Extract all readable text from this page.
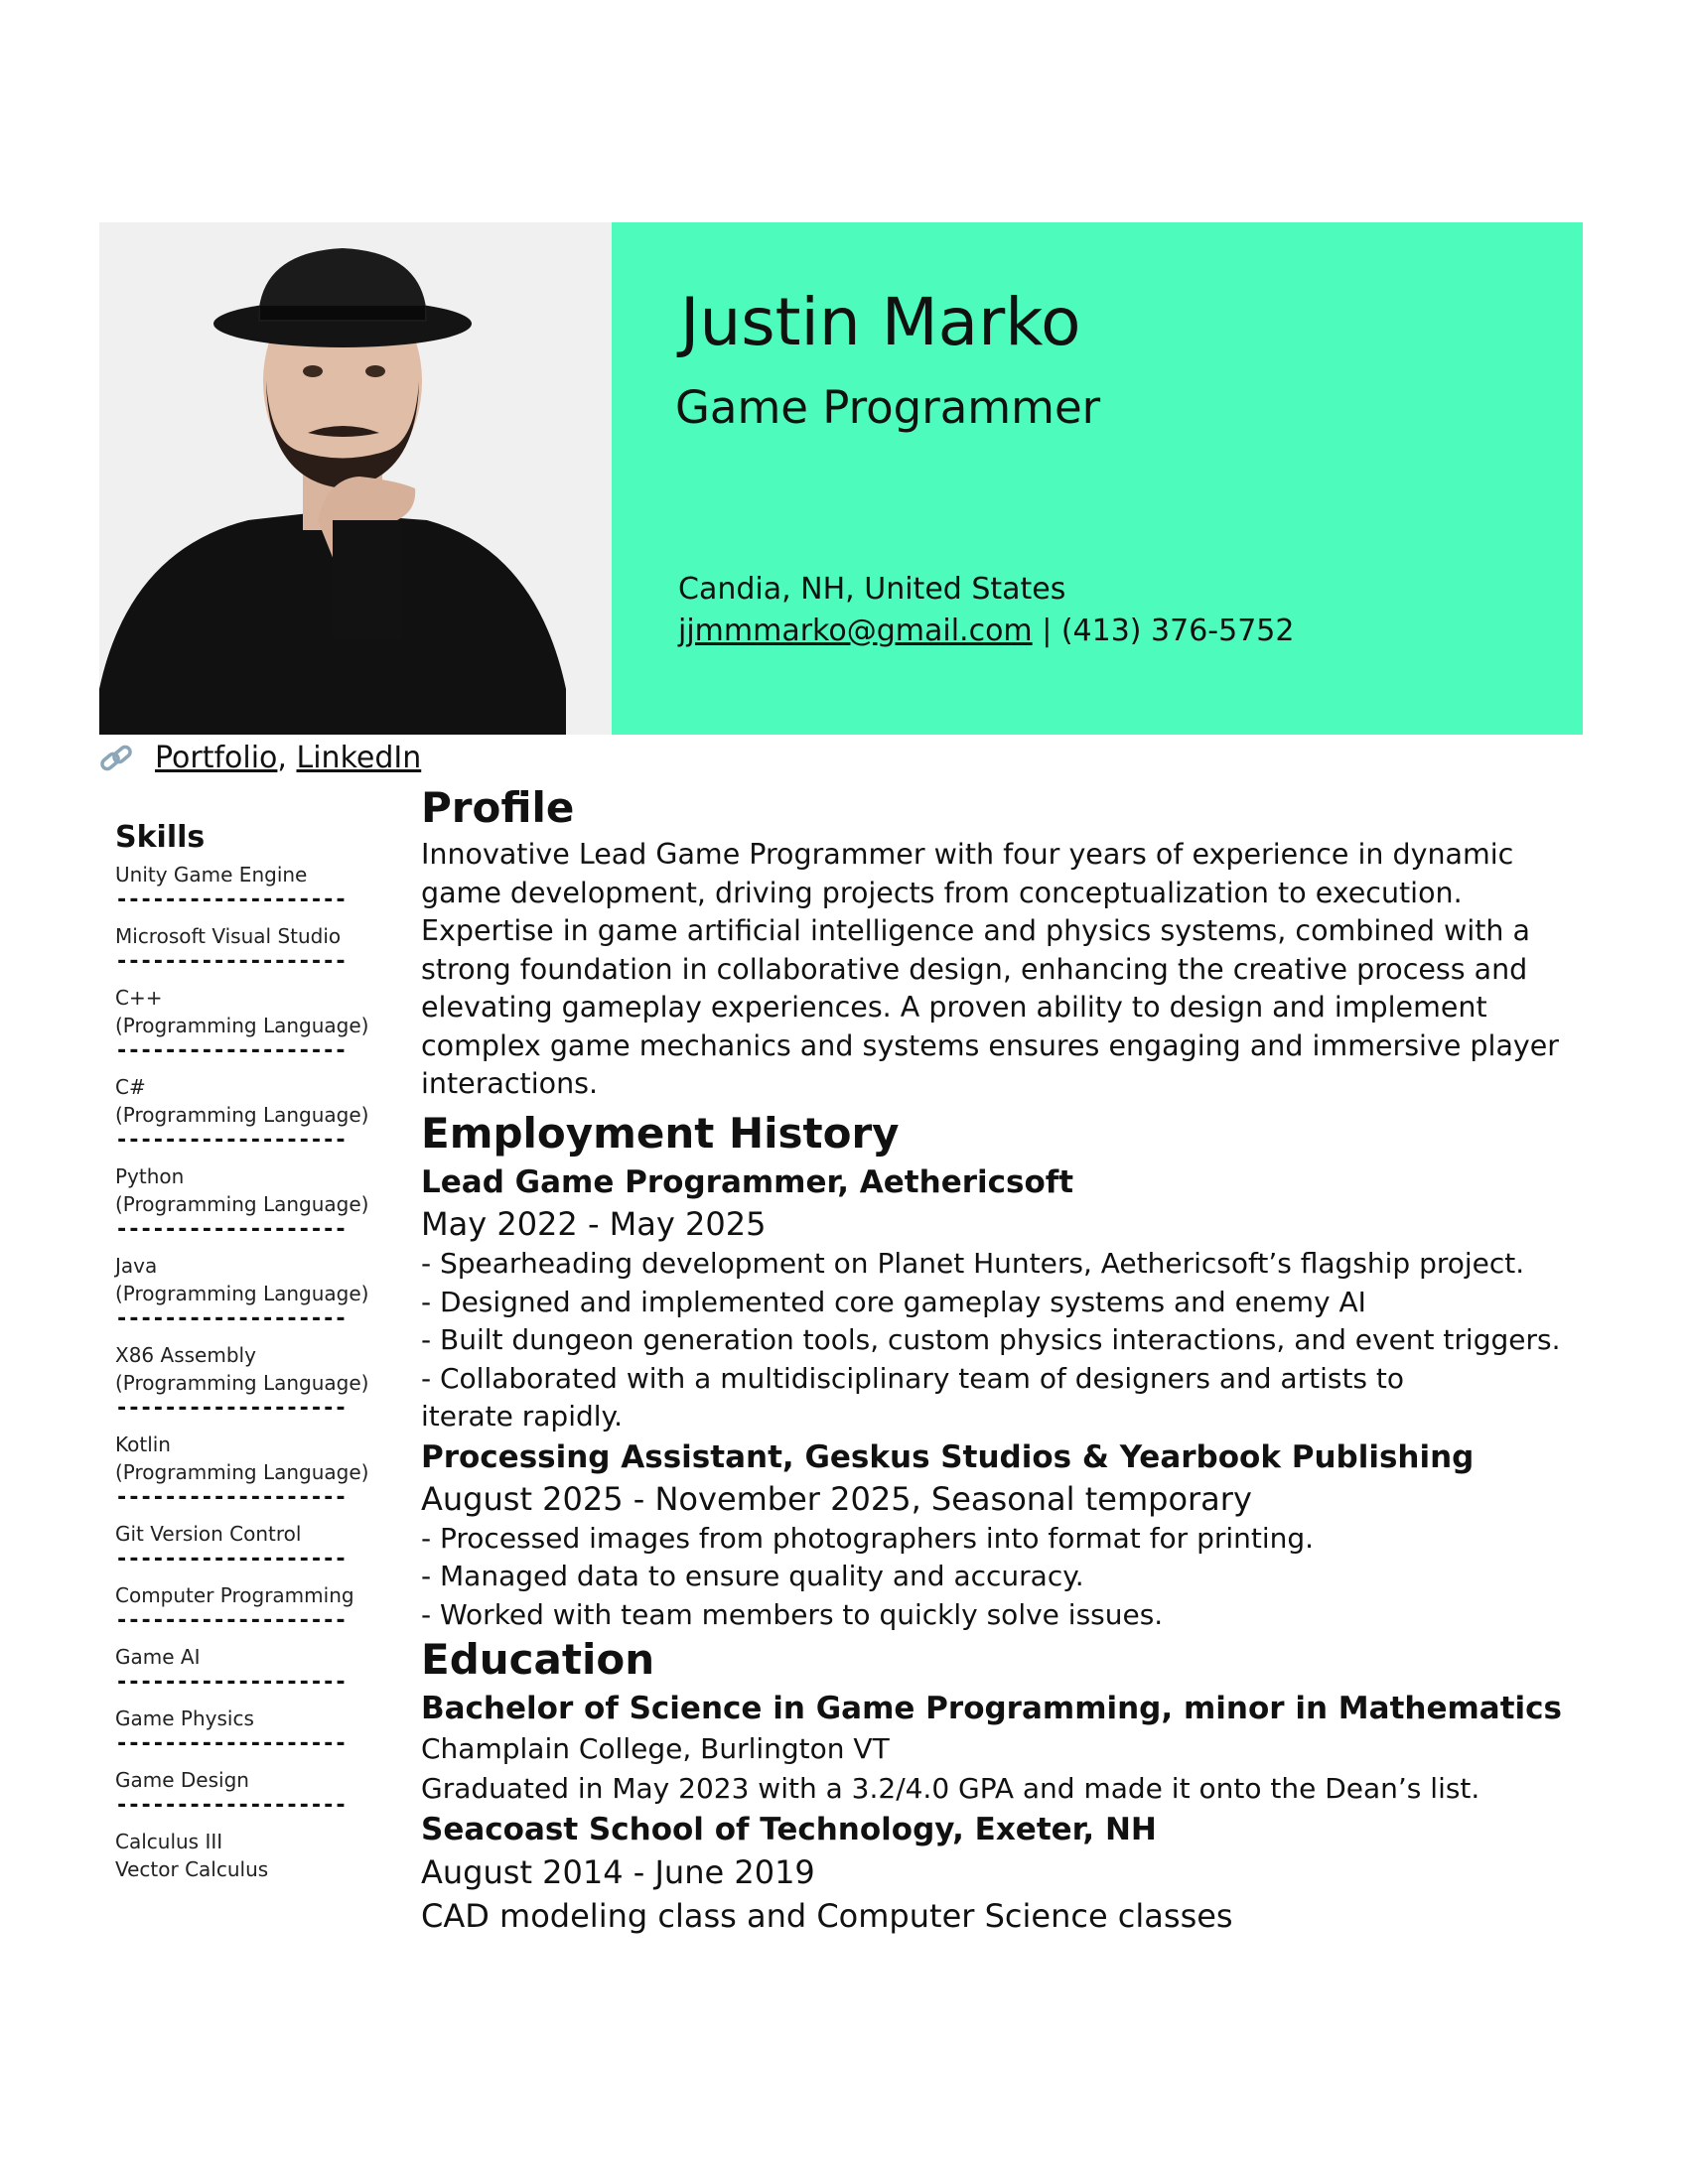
Justin Marko
Game Programmer
Candia, NH, United States
jjmmmarko@gmail.com | (413) 376-5752
Portfolio, LinkedIn
Skills
Unity Game Engine
-------------------
Microsoft Visual Studio
-------------------
C++
(Programming Language)
-------------------
C#
(Programming Language)
-------------------
Python
(Programming Language)
-------------------
Java
(Programming Language)
-------------------
X86 Assembly
(Programming Language)
-------------------
Kotlin
(Programming Language)
-------------------
Git Version Control
-------------------
Computer Programming
-------------------
Game AI
-------------------
Game Physics
-------------------
Game Design
-------------------
Calculus III
Vector Calculus
Profile
Innovative Lead Game Programmer with four years of experience in dynamic game development, driving projects from conceptualization to execution. Expertise in game artificial intelligence and physics systems, combined with a strong foundation in collaborative design, enhancing the creative process and elevating gameplay experiences. A proven ability to design and implement complex game mechanics and systems ensures engaging and immersive player interactions.
Employment History
Lead Game Programmer, Aethericsoft
May 2022 - May 2025
- Spearheading development on Planet Hunters, Aethericsoft’s flagship project.
- Designed and implemented core gameplay systems and enemy AI
- Built dungeon generation tools, custom physics interactions, and event triggers.
- Collaborated with a multidisciplinary team of designers and artists to iterate rapidly.
Processing Assistant, Geskus Studios & Yearbook Publishing
August 2025 - November 2025, Seasonal temporary
- Processed images from photographers into format for printing.
- Managed data to ensure quality and accuracy.
- Worked with team members to quickly solve issues.
Education
Bachelor of Science in Game Programming, minor in Mathematics
Champlain College, Burlington VT
Graduated in May 2023 with a 3.2/4.0 GPA and made it onto the Dean’s list.
Seacoast School of Technology, Exeter, NH
August 2014 - June 2019
CAD modeling class and Computer Science classes
